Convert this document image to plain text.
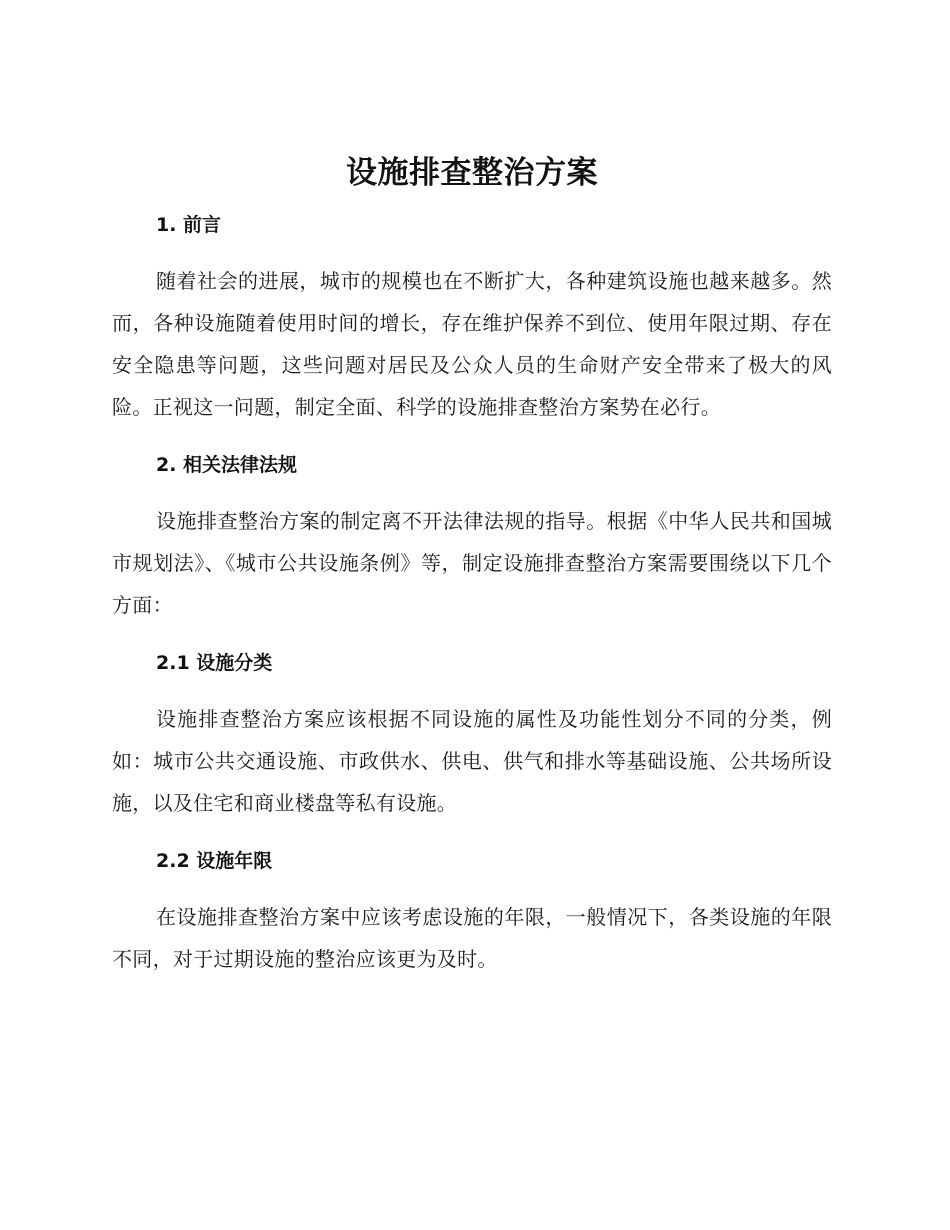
设施排查整治方案
1. 前言

随着社会的进展，城市的规模也在不断扩大，各种建筑设施也越来越多。然而，各种设施随着使用时间的增长，存在维护保养不到位、使用年限过期、存在安全隐患等问题，这些问题对居民及公众人员的生命财产安全带来了极大的风险。正视这一问题，制定全面、科学的设施排查整治方案势在必行。

2. 相关法律法规

设施排查整治方案的制定离不开法律法规的指导。根据《中华人民共和国城市规划法》、《城市公共设施条例》等，制定设施排查整治方案需要围绕以下几个方面：

2.1 设施分类

设施排查整治方案应该根据不同设施的属性及功能性划分不同的分类，例如：城市公共交通设施、市政供水、供电、供气和排水等基础设施、公共场所设施，以及住宅和商业楼盘等私有设施。

2.2 设施年限

在设施排查整治方案中应该考虑设施的年限，一般情况下，各类设施的年限不同，对于过期设施的整治应该更为及时。
